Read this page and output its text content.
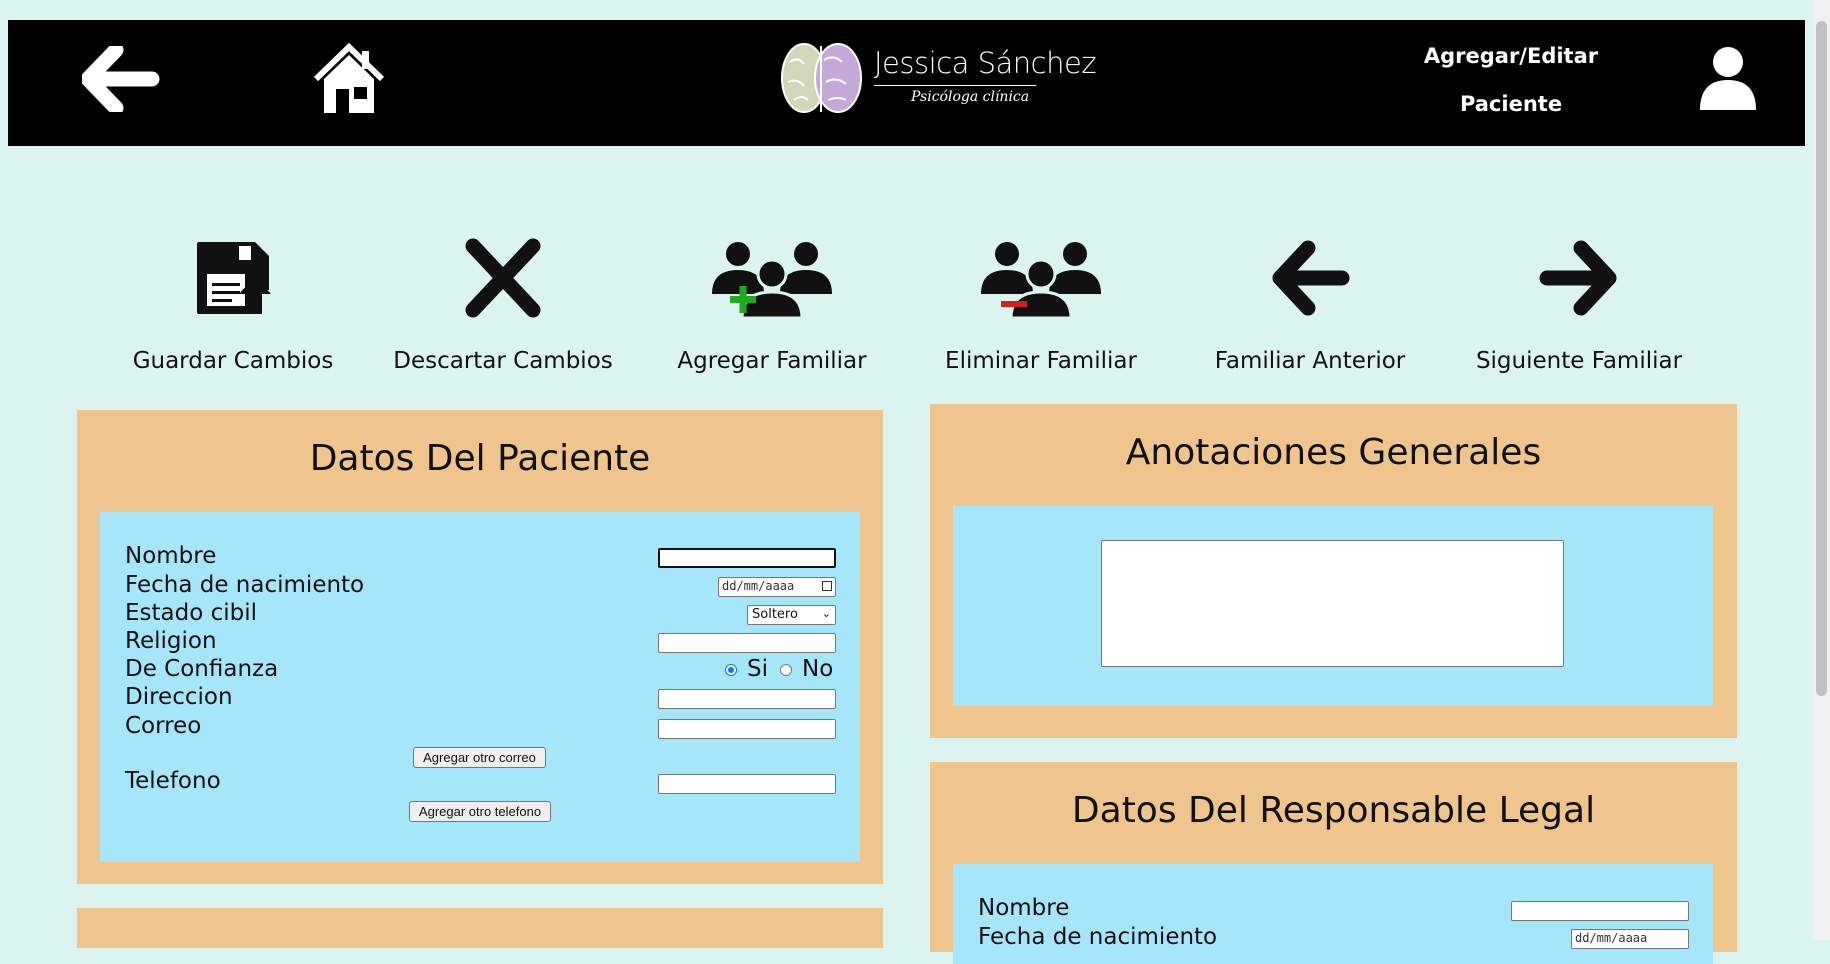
Jessica Sánchez
Psicóloga clínica
Agregar/Editar
Paciente
Guardar Cambios	Descartar Cambios	Agregar Familiar	Eliminar Familiar	Familiar Anterior	Siguiente Familiar
Datos Del Paciente
Nombre
Fecha de nacimiento	dd/mm/aaaa
Estado cibil	Soltero ⌄
Religion
De Confianza	Si No
Direccion
Correo
Agregar otro correo
Telefono
Agregar otro telefono
Anotaciones Generales
Datos Del Responsable Legal
Nombre
Fecha de nacimiento	dd/mm/aaaa
